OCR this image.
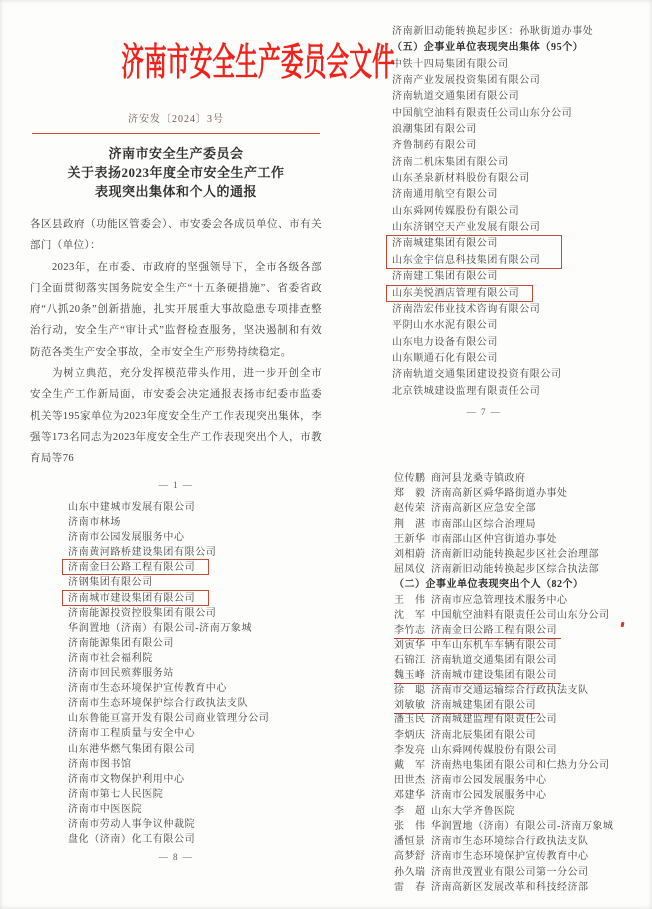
济南市安全生产委员会文件
济安发〔2024〕3号
济南市安全生产委员会
关于表扬2023年度全市安全生产工作
表现突出集体和个人的通报

各区县政府（功能区管委会）、市安委会各成员单位、市有关部门（单位）：

2023年，在市委、市政府的坚强领导下，全市各级各部门全面贯彻落实国务院安全生产“十五条硬措施”、省委省政府“八抓20条”创新措施，扎实开展重大事故隐患专项排查整治行动，安全生产“审计式”监督检查服务，坚决遏制和有效防范各类生产安全事故，全市安全生产形势持续稳定。

为树立典范，充分发挥模范带头作用，进一步开创全市安全生产工作新局面，市安委会决定通报表扬市纪委市监委机关等195家单位为2023年度安全生产工作表现突出集体，李强等173名同志为2023年度安全生产工作表现突出个人，市教育局等76

— 1 —
济南新旧动能转换起步区：孙耿街道办事处
（五）企事业单位表现突出集体（95个）
中铁十四局集团有限公司
济南产业发展投资集团有限公司
济南轨道交通集团有限公司
中国航空油料有限责任公司山东分公司
浪潮集团有限公司
齐鲁制药有限公司
济南二机床集团有限公司
山东圣泉新材料股份有限公司
济南通用航空有限公司
山东舜网传媒股份有限公司
山东济钢空天产业发展有限公司
济南城建集团有限公司
山东金宇信息科技集团有限公司
济南建工集团有限公司
山东美悦酒店管理有限公司
济南浩宏伟业技术咨询有限公司
平阴山水水泥有限公司
山东电力设备有限公司
山东顺通石化有限公司
济南轨道交通集团建设投资有限公司
北京铁城建设监理有限责任公司
— 7 —
山东中建城市发展有限公司
济南市林场
济南市公园发展服务中心
济南黄河路桥建设集团有限公司
济南金曰公路工程有限公司
济钢集团有限公司
济南城市建设集团有限公司
济南能源投资控股集团有限公司
华润置地（济南）有限公司-济南万象城
济南能源集团有限公司
济南市社会福利院
济南市回民殡葬服务站
济南市生态环境保护宣传教育中心
济南市生态环境保护综合行政执法支队
山东鲁能亘富开发有限公司商业管理分公司
济南市工程质量与安全中心
山东港华燃气集团有限公司
济南市图书馆
济南市文物保护利用中心
济南市第七人民医院
济南市中医医院
济南市劳动人事争议仲裁院
盘化（济南）化工有限公司
— 8 —
位传鹏 商河县龙桑寺镇政府
郑　毅 济南高新区舜华路街道办事处
赵传荣 济南高新区应急安全部
荆　湛 市南部山区综合治理局
王新华 市南部山区仲宫街道办事处
刘相蔚 济南新旧动能转换起步区社会治理部
屈凤仪 济南新旧动能转换起步区综合执法部
（二）企事业单位表现突出个人（82个）
王　伟 济南市应急管理技术服务中心
沈　军 中国航空油料有限责任公司山东分公司
李竹志 济南金曰公路工程有限公司
刘寅华 中车山东机车车辆有限公司
石锦江 济南轨道交通集团有限公司
魏玉峰 济南城市建设集团有限公司
徐　聪 济南市交通运输综合行政执法支队
刘敏敏 济南城建集团有限公司
潘玉民 济南城建监理有限责任公司
李炳庆 济南北辰集团有限公司
李发亮 山东舜网传媒股份有限公司
戴　军 济南热电集团有限公司和仁热力分公司
田世杰 济南市公园发展服务中心
邓建华 济南市公园发展服务中心
李　超 山东大学齐鲁医院
张　伟 华润置地（济南）有限公司-济南万象城
潘恒景 济南市生态环境综合行政执法支队
高梦舒 济南市生态环境保护宣传教育中心
孙久瑞 济南世茂置业有限公司第一分公司
雷　春 济南高新区发展改革和科技经济部
